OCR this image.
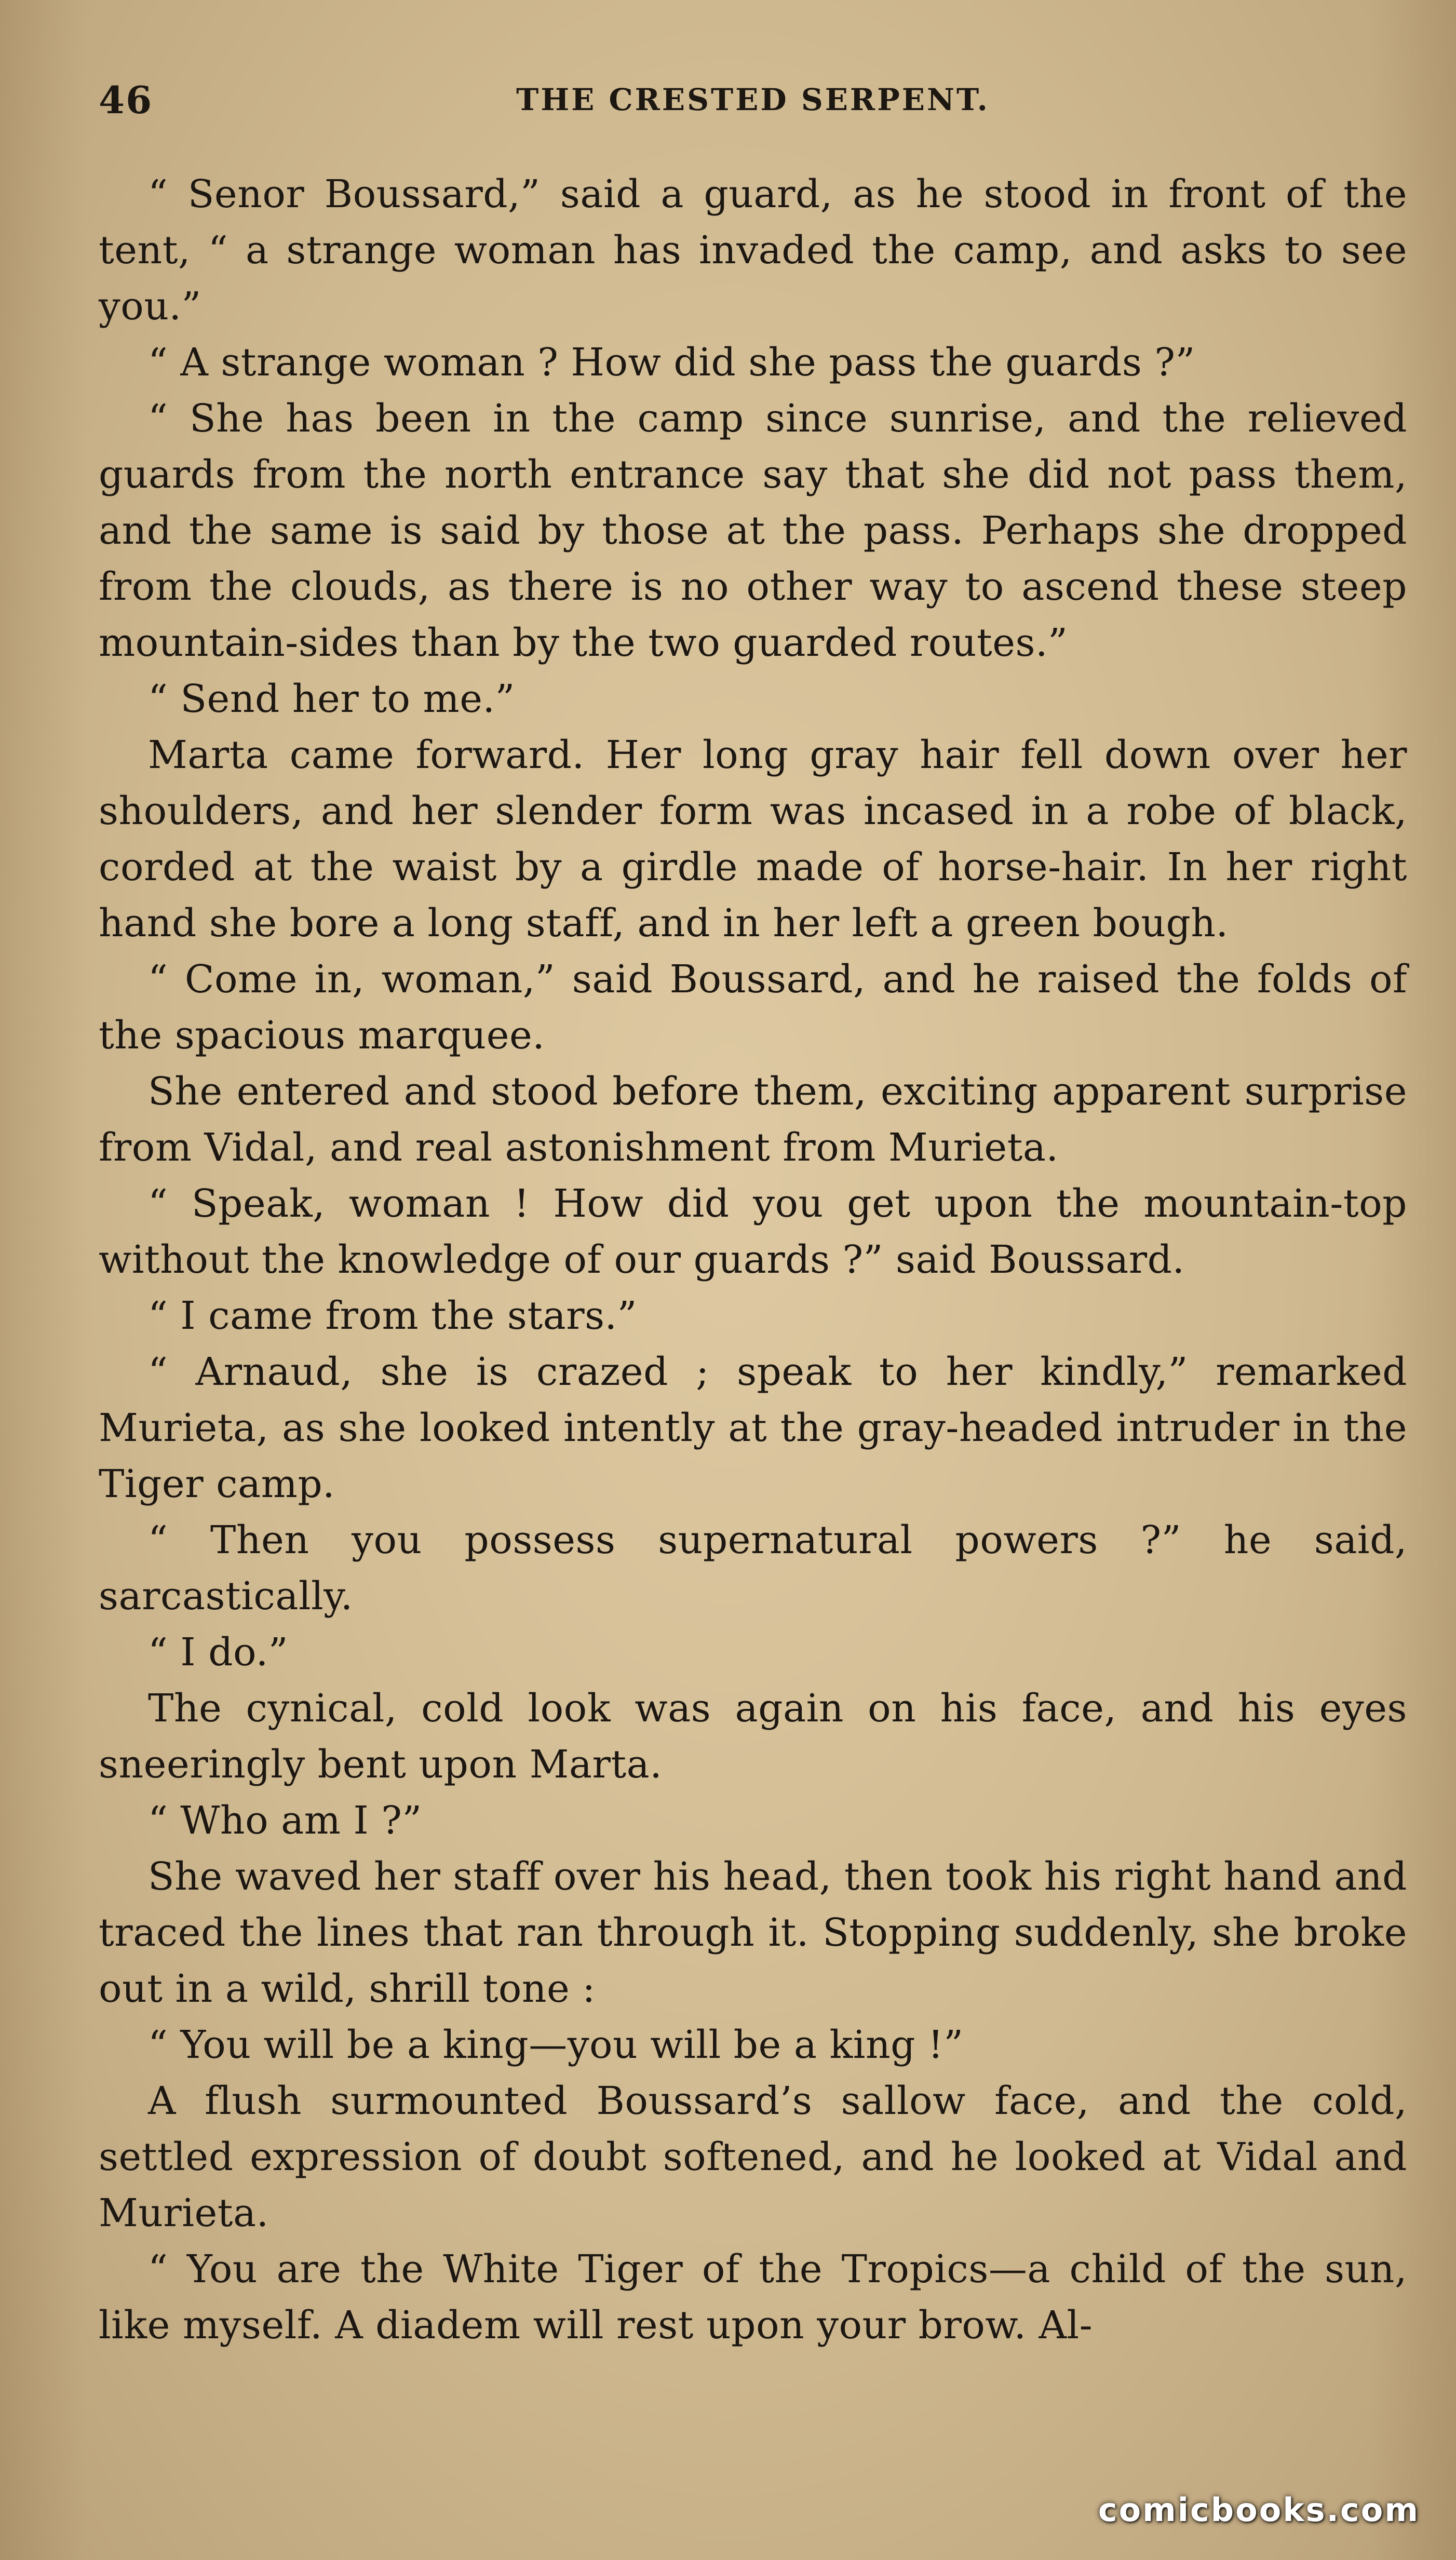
46	THE CRESTED SERPENT.

“ Senor Boussard,” said a guard, as he stood in front of the tent, “ a strange woman has invaded the camp, and asks to see you.”

“ A strange woman ? How did she pass the guards ?”

“ She has been in the camp since sunrise, and the relieved guards from the north entrance say that she did not pass them, and the same is said by those at the pass. Perhaps she dropped from the clouds, as there is no other way to ascend these steep mountain-sides than by the two guarded routes.”

“ Send her to me.”

Marta came forward. Her long gray hair fell down over her shoulders, and her slender form was incased in a robe of black, corded at the waist by a girdle made of horse-hair. In her right hand she bore a long staff, and in her left a green bough.

“ Come in, woman,” said Boussard, and he raised the folds of the spacious marquee.

She entered and stood before them, exciting apparent surprise from Vidal, and real astonishment from Murieta.

“ Speak, woman ! How did you get upon the mountain-top without the knowledge of our guards ?” said Boussard.

“ I came from the stars.”

“ Arnaud, she is crazed ; speak to her kindly,” remarked Murieta, as she looked intently at the gray-headed intruder in the Tiger camp.

“ Then you possess supernatural powers ?” he said, sarcastically.

“ I do.”

The cynical, cold look was again on his face, and his eyes sneeringly bent upon Marta.

“ Who am I ?”

She waved her staff over his head, then took his right hand and traced the lines that ran through it. Stopping suddenly, she broke out in a wild, shrill tone :

“ You will be a king—you will be a king !”

A flush surmounted Boussard’s sallow face, and the cold, settled expression of doubt softened, and he looked at Vidal and Murieta.

“ You are the White Tiger of the Tropics—a child of the sun, like myself. A diadem will rest upon your brow. Al-

comicbooks.com
